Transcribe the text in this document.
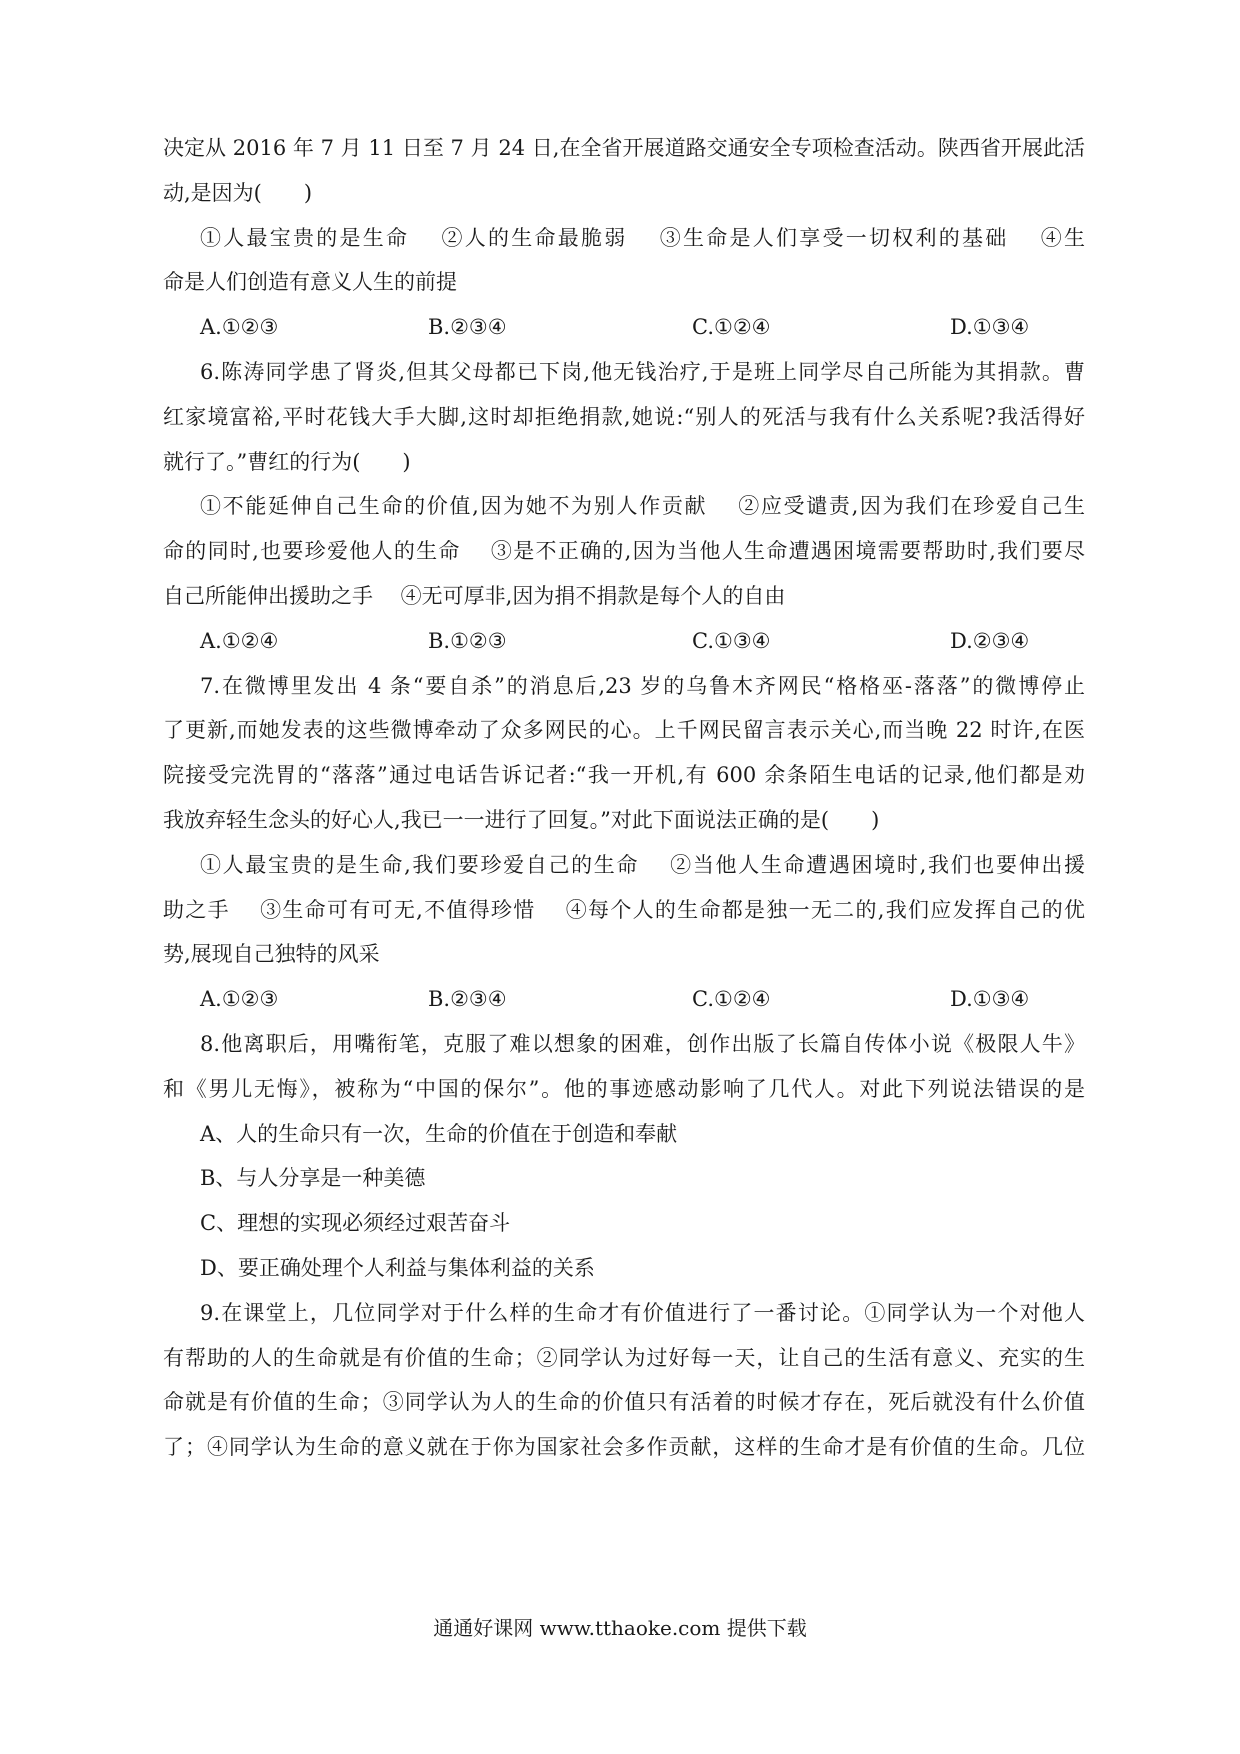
决定从 2016 年 7 月 11 日至 7 月 24 日,在全省开展道路交通安全专项检查活动。陕西省开展此活
动,是因为(　　)
①人最宝贵的是生命　 ②人的生命最脆弱　 ③生命是人们享受一切权利的基础　 ④生
命是人们创造有意义人生的前提
A.①②③	B.②③④	C.①②④	D.①③④
6.陈涛同学患了肾炎,但其父母都已下岗,他无钱治疗,于是班上同学尽自己所能为其捐款。曹
红家境富裕,平时花钱大手大脚,这时却拒绝捐款,她说:“别人的死活与我有什么关系呢?我活得好
就行了。”曹红的行为(　　)
①不能延伸自己生命的价值,因为她不为别人作贡献　 ②应受谴责,因为我们在珍爱自己生
命的同时,也要珍爱他人的生命　 ③是不正确的,因为当他人生命遭遇困境需要帮助时,我们要尽
自己所能伸出援助之手　 ④无可厚非,因为捐不捐款是每个人的自由
A.①②④	B.①②③	C.①③④	D.②③④
7.在微博里发出 4 条“要自杀”的消息后,23 岁的乌鲁木齐网民“格格巫-落落”的微博停止
了更新,而她发表的这些微博牵动了众多网民的心。上千网民留言表示关心,而当晚 22 时许,在医
院接受完洗胃的“落落”通过电话告诉记者:“我一开机,有 600 余条陌生电话的记录,他们都是劝
我放弃轻生念头的好心人,我已一一进行了回复。”对此下面说法正确的是(　　)
①人最宝贵的是生命,我们要珍爱自己的生命　 ②当他人生命遭遇困境时,我们也要伸出援
助之手　 ③生命可有可无,不值得珍惜　 ④每个人的生命都是独一无二的,我们应发挥自己的优
势,展现自己独特的风采
A.①②③	B.②③④	C.①②④	D.①③④
8.他离职后，用嘴衔笔，克服了难以想象的困难，创作出版了长篇自传体小说《极限人牛》
和《男儿无悔》，被称为“中国的保尔”。他的事迹感动影响了几代人。对此下列说法错误的是
A、人的生命只有一次，生命的价值在于创造和奉献
B、与人分享是一种美德
C、理想的实现必须经过艰苦奋斗
D、要正确处理个人利益与集体利益的关系
9.在课堂上，几位同学对于什么样的生命才有价值进行了一番讨论。①同学认为一个对他人
有帮助的人的生命就是有价值的生命；②同学认为过好每一天，让自己的生活有意义、充实的生
命就是有价值的生命；③同学认为人的生命的价值只有活着的时候才存在，死后就没有什么价值
了；④同学认为生命的意义就在于你为国家社会多作贡献，这样的生命才是有价值的生命。几位
通通好课网 www.tthaoke.com 提供下载
